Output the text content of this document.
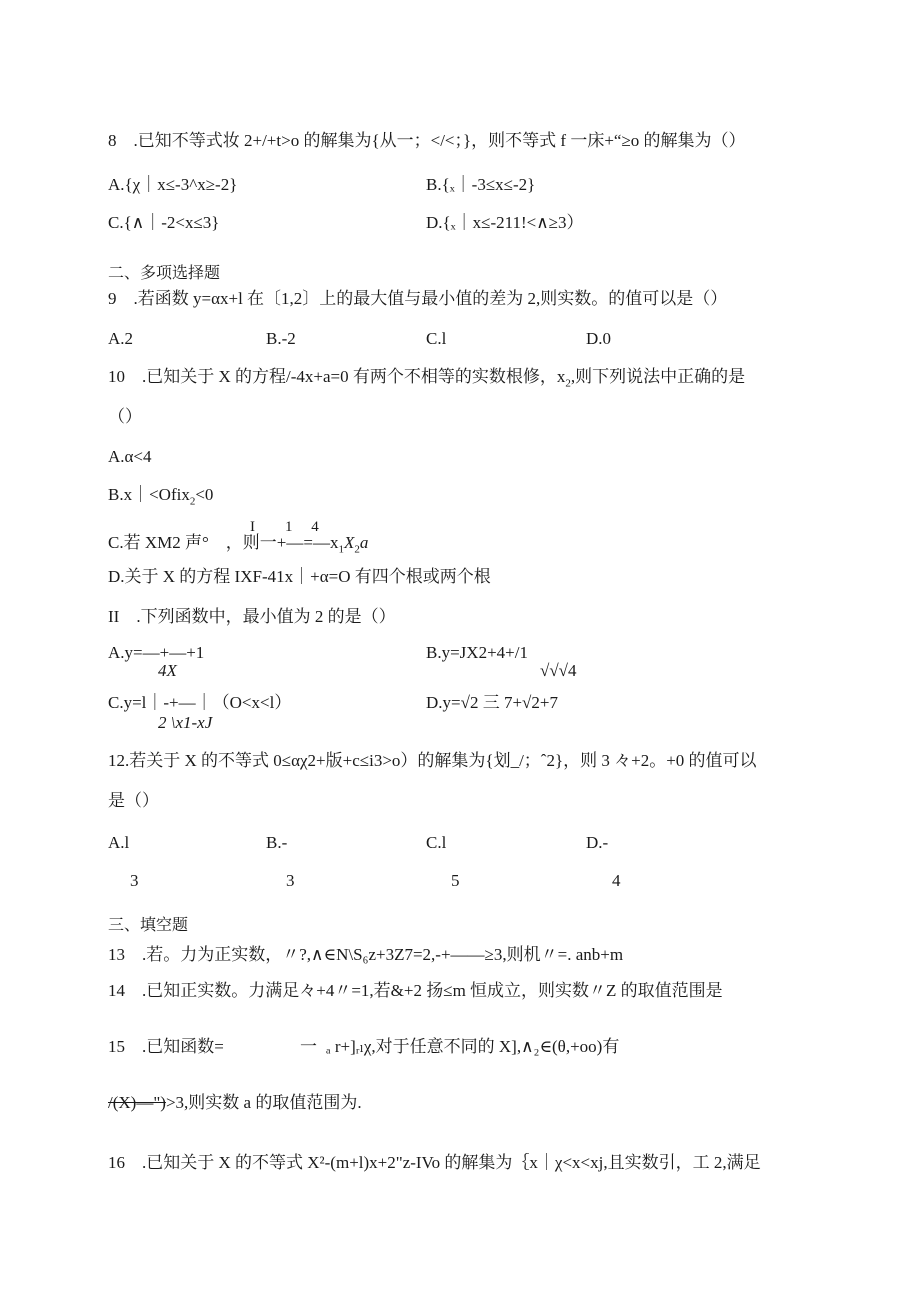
8　.已知不等式妆 2+/+t>o 的解集为{从一；</<；}，则不等式 f 一床+“≥o 的解集为（）
A.{χ｜x≤-3^x≥-2}	B.{ₓ｜-3≤x≤-2}
C.{∧｜-2<x≤3}	D.{ₓ｜x≤-211!<∧≥3）
二、多项选择题
9　.若函数 y=αx+l 在〔1,2〕上的最大值与最小值的差为 2,则实数。的值可以是（）
A.2	B.-2	C.l	D.0
10　.已知关于 X 的方程/-4x+a=0 有两个不相等的实数根修，$x_2$,则下列说法中正确的是
（）
A.α<4
B.x｜<Ofix$_2$<0
I　　1　 4
C.若 XM2 声°　，则一$+—=—x_1X_2a$
D.关于 X 的方程 IXF-41x｜+α=O 有四个根或两个根
II　.下列函数中，最小值为 2 的是（）
A.y=—+—+1
4X
B.y=JX2+4+/1
√√√4
C.y=l｜-+—｜（O<x<l）
2 \x1-xJ
D.y=√2 三 7+√2+7
12.若关于 X 的不等式 0≤αχ2+版+c≤i3>o）的解集为{划_/；ˆ2}，则 3 々+2。+0 的值可以
是（）
A.l	B.-	C.l	D.-
3	3	5	4
三、填空题
13　.若。力为正实数，〃?,∧∈N\S₆z+3Z7=2,-+——≥3,则机〃=. anb+m
14　.已知正实数。力满足々+4〃=1,若&+2 扬≤m 恒成立，则实数〃Z 的取值范围是
15　.已知函数=	一 ₐ r+]ᵣₗχ,对于任意不同的 X],∧₂∈(θ,+oo)有
/(X)—")>3,则实数 a 的取值范围为.
16　.已知关于 X 的不等式 X²-(m+l)x+2"z-IVo 的解集为｛x｜χ<x<xj,且实数引，工 2,满足
